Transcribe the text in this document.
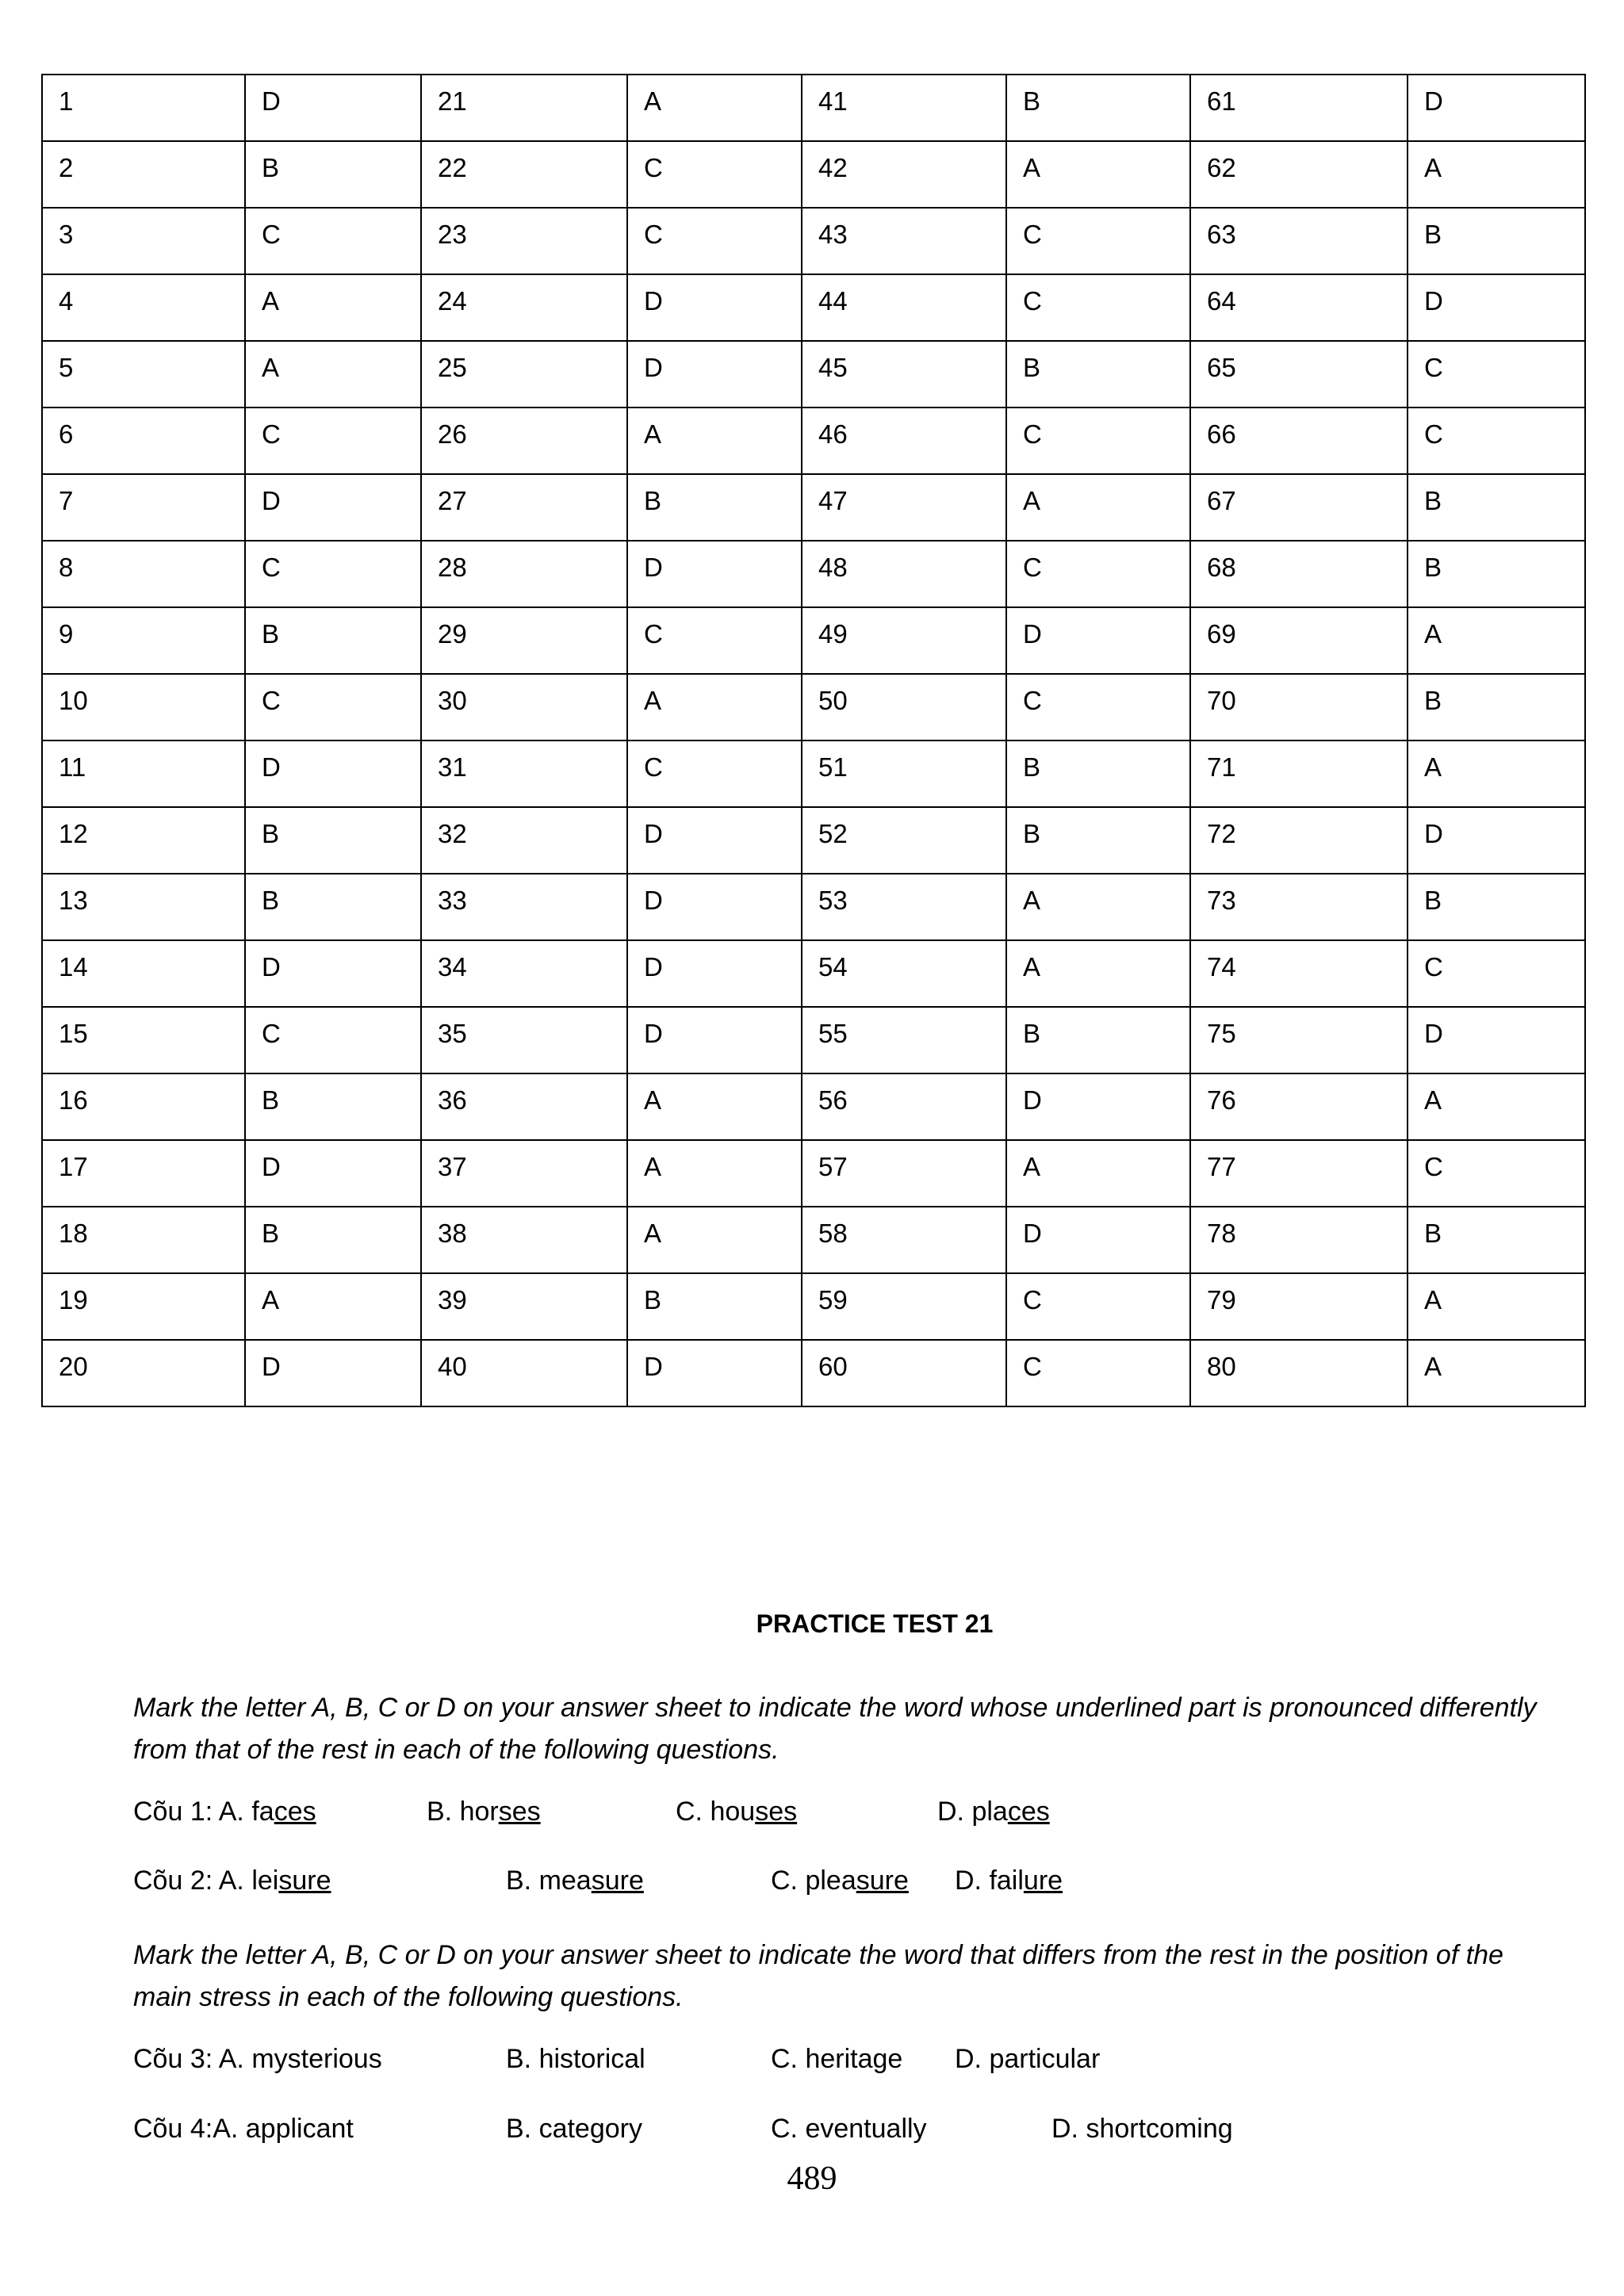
1	D	21	A	41	B	61	D
2	B	22	C	42	A	62	A
3	C	23	C	43	C	63	B
4	A	24	D	44	C	64	D
5	A	25	D	45	B	65	C
6	C	26	A	46	C	66	C
7	D	27	B	47	A	67	B
8	C	28	D	48	C	68	B
9	B	29	C	49	D	69	A
10	C	30	A	50	C	70	B
11	D	31	C	51	B	71	A
12	B	32	D	52	B	72	D
13	B	33	D	53	A	73	B
14	D	34	D	54	A	74	C
15	C	35	D	55	B	75	D
16	B	36	A	56	D	76	A
17	D	37	A	57	A	77	C
18	B	38	A	58	D	78	B
19	A	39	B	59	C	79	A
20	D	40	D	60	C	80	A
PRACTICE TEST 21
Mark the letter A, B, C or D on your answer sheet to indicate the word whose underlined part is pronounced differently from that of the rest in each of the following questions.
Cõu 1: A. faces	B. horses	C. houses	D. places
Cõu 2: A. leisure	B. measure	C. pleasure D. failure
Mark the letter A, B, C or D on your answer sheet to indicate the word that differs from the rest in the position of the main stress in each of the following questions.
Cõu 3: A. mysterious	B. historical	C. heritage D. particular
Cõu 4:A. applicant	B. category	C. eventually	D. shortcoming
489
